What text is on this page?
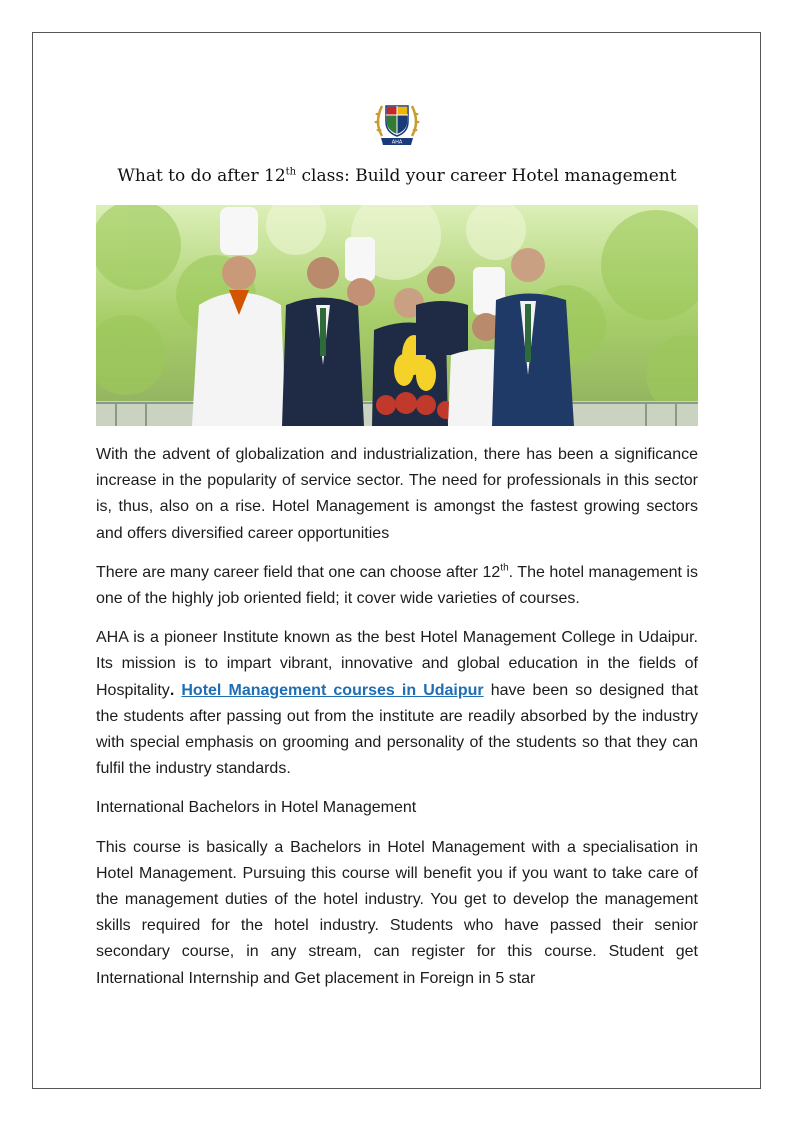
AHA
What to do after 12th class: Build your career Hotel management

With the advent of globalization and industrialization, there has been a significance increase in the popularity of service sector. The need for professionals in this sector is, thus, also on a rise. Hotel Management is amongst the fastest growing sectors and offers diversified career opportunities

There are many career field that one can choose after 12th. The hotel management is one of the highly job oriented field; it cover wide varieties of courses.

AHA is a pioneer Institute known as the best Hotel Management College in Udaipur. Its mission is to impart vibrant, innovative and global education in the fields of Hospitality. Hotel Management courses in Udaipur have been so designed that the students after passing out from the institute are readily absorbed by the industry with special emphasis on grooming and personality of the students so that they can fulfil the industry standards.

International Bachelors in Hotel Management

This course is basically a Bachelors in Hotel Management with a specialisation in Hotel Management. Pursuing this course will benefit you if you want to take care of the management duties of the hotel industry. You get to develop the management skills required for the hotel industry. Students who have passed their senior secondary course, in any stream, can register for this course. Student get International Internship and Get placement in Foreign in 5 star
